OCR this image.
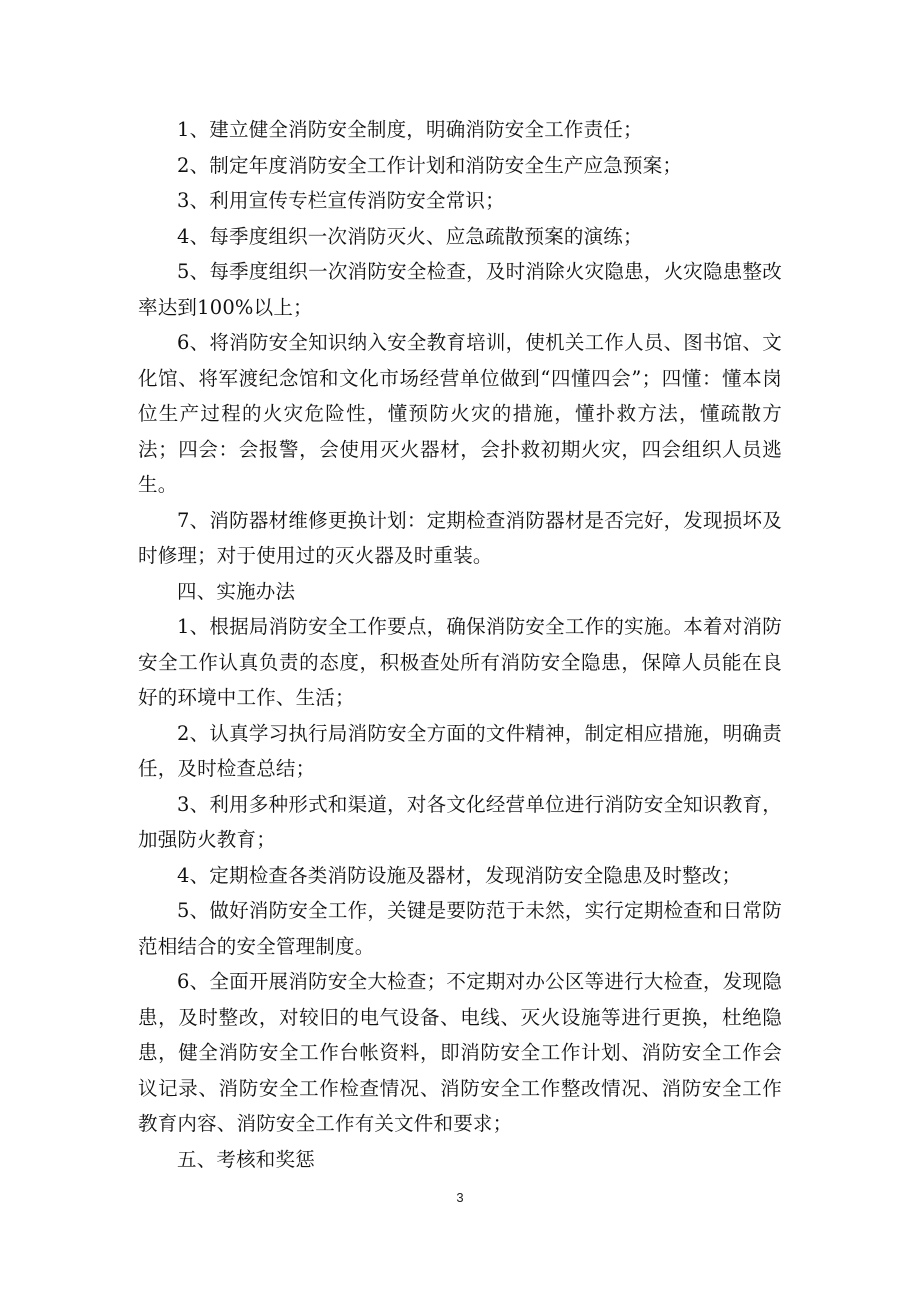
1、建立健全消防安全制度，明确消防安全工作责任；

2、制定年度消防安全工作计划和消防安全生产应急预案；

3、利用宣传专栏宣传消防安全常识；

4、每季度组织一次消防灭火、应急疏散预案的演练；

5、每季度组织一次消防安全检查，及时消除火灾隐患，火灾隐患整改率达到100%以上；

6、将消防安全知识纳入安全教育培训，使机关工作人员、图书馆、文化馆、将军渡纪念馆和文化市场经营单位做到“四懂四会”；四懂：懂本岗位生产过程的火灾危险性，懂预防火灾的措施，懂扑救方法，懂疏散方法；四会：会报警，会使用灭火器材，会扑救初期火灾，四会组织人员逃生。

7、消防器材维修更换计划：定期检查消防器材是否完好，发现损坏及时修理；对于使用过的灭火器及时重装。

四、实施办法

1、根据局消防安全工作要点，确保消防安全工作的实施。本着对消防安全工作认真负责的态度，积极查处所有消防安全隐患，保障人员能在良好的环境中工作、生活；

2、认真学习执行局消防安全方面的文件精神，制定相应措施，明确责任，及时检查总结；

3、利用多种形式和渠道，对各文化经营单位进行消防安全知识教育，加强防火教育；

4、定期检查各类消防设施及器材，发现消防安全隐患及时整改；

5、做好消防安全工作，关键是要防范于未然，实行定期检查和日常防范相结合的安全管理制度。

6、全面开展消防安全大检查；不定期对办公区等进行大检查，发现隐患，及时整改，对较旧的电气设备、电线、灭火设施等进行更换，杜绝隐患，健全消防安全工作台帐资料，即消防安全工作计划、消防安全工作会议记录、消防安全工作检查情况、消防安全工作整改情况、消防安全工作教育内容、消防安全工作有关文件和要求；

五、考核和奖惩

3
